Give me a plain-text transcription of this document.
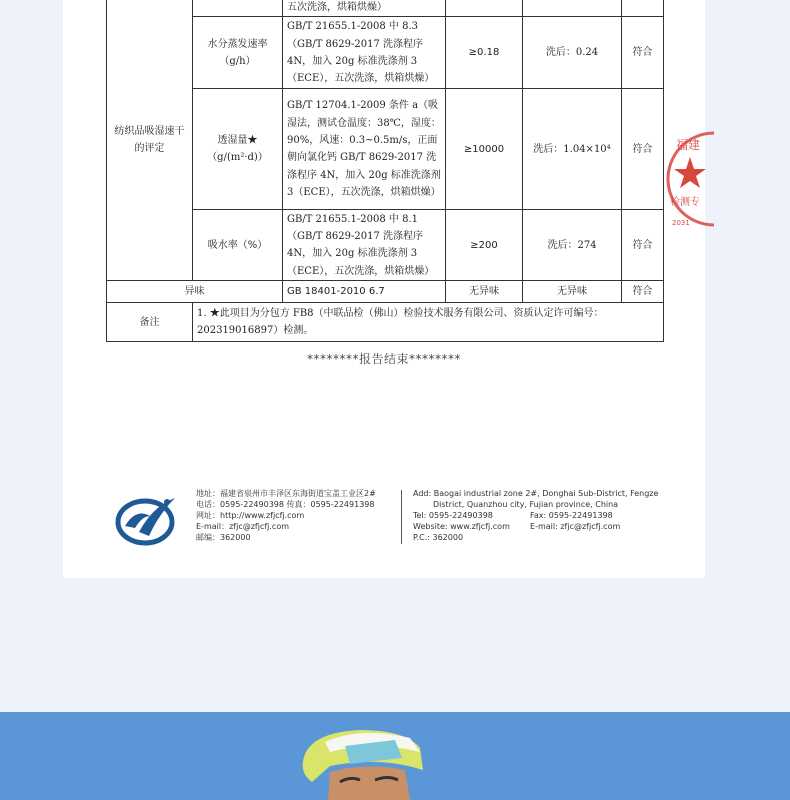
纺织品吸湿速干的评定		五次洗涤，烘箱烘燥）			
	水分蒸发速率（g/h）	GB/T 21655.1-2008 中 8.3（GB/T 8629-2017 洗涤程序 4N，加入 20g 标准洗涤剂 3（ECE），五次洗涤，烘箱烘燥）	≥0.18	洗后：0.24	符合
	透湿量★（g/(m²·d)）	GB/T 12704.1-2009 条件 a（吸湿法，测试仓温度：38℃，湿度：90%，风速：0.3~0.5m/s，正面朝向氯化钙 GB/T 8629-2017 洗涤程序 4N，加入 20g 标准洗涤剂 3（ECE），五次洗涤，烘箱烘燥）	≥10000	洗后：1.04×10⁴	符合
	吸水率（%）	GB/T 21655.1-2008 中 8.1（GB/T 8629-2017 洗涤程序 4N，加入 20g 标准洗涤剂 3（ECE），五次洗涤，烘箱烘燥）	≥200	洗后：274	符合
异味		GB 18401-2010 6.7	无异味	无异味	符合
备注	1. ★此项目为分包方 FB8（中联品检（佛山）检验技术服务有限公司、资质认定许可编号：202319016897）检测。				
********报告结束********
地址：福建省泉州市丰泽区东海街道宝盖工业区2#
电话：0595-22490398 传真：0595-22491398
网址：http://www.zfjcfj.com
E-mail：zfjc@zfjcfj.com
邮编：362000
Add: Baogai industrial zone 2#, Donghai Sub-District, Fengze
District, Quanzhou city, Fujian province, China
Tel: 0595-22490398	Fax: 0595-22491398
Website: www.zfjcfj.com	E-mail: zfjc@zfjcfj.com
P.C.: 362000
福建
检测专
2031
